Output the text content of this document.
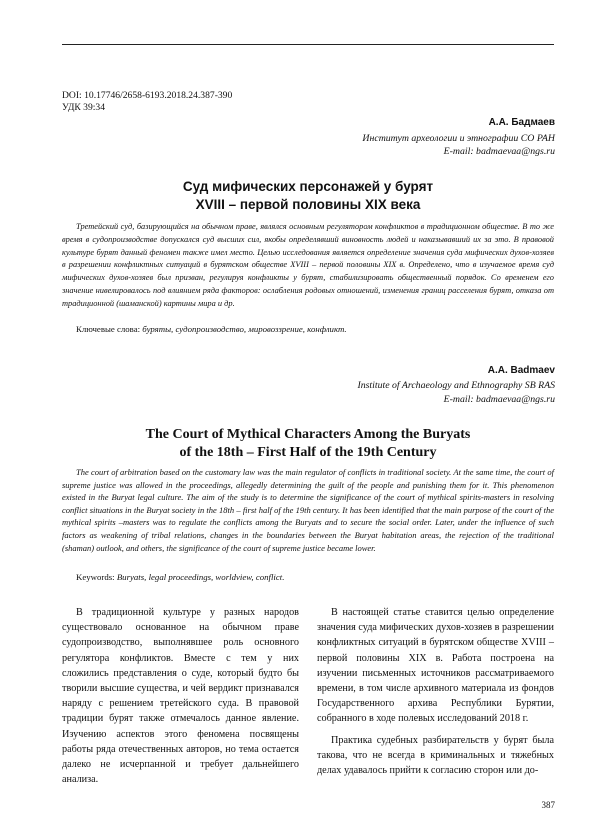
DOI: 10.17746/2658-6193.2018.24.387-390
УДК 39:34
А.А. Бадмаев
Институт археологии и этнографии СО РАН
E-mail: badmaevaa@ngs.ru
Суд мифических персонажей у бурят
XVIII – первой половины XIX века
Третейский суд, базирующийся на обычном праве, являлся основным регулятором конфликтов в традиционном обществе. В то же время в судопроизводстве допускался суд высших сил, якобы определявший виновность людей и наказывавший их за это. В правовой культуре бурят данный феномен также имел место. Целью исследования является определение значения суда мифических духов-хозяев в разрешении конфликтных ситуаций в бурятском обществе XVIII – первой половины XIX в. Определено, что в изучаемое время суд мифических духов-хозяев был призван, регулируя конфликты у бурят, стабилизировать общественный порядок. Со временем его значение нивелировалось под влиянием ряда факторов: ослабления родовых отношений, изменения границ расселения бурят, отказа от традиционной (шаманской) картины мира и др.
Ключевые слова: буряты, судопроизводство, мировоззрение, конфликт.
A.A. Badmaev
Institute of Archaeology and Ethnography SB RAS
E-mail: badmaevaa@ngs.ru
The Court of Mythical Characters Among the Buryats
of the 18th – First Half of the 19th Century
The court of arbitration based on the customary law was the main regulator of conflicts in traditional society. At the same time, the court of supreme justice was allowed in the proceedings, allegedly determining the guilt of the people and punishing them for it. This phenomenon existed in the Buryat legal culture. The aim of the study is to determine the significance of the court of mythical spirits-masters in resolving conflict situations in the Buryat society in the 18th – first half of the 19th century. It has been identified that the main purpose of the court of the mythical spirits –masters was to regulate the conflicts among the Buryats and to secure the social order. Later, under the influence of such factors as weakening of tribal relations, changes in the boundaries between the Buryat habitation areas, the rejection of the traditional (shaman) outlook, and others, the significance of the court of supreme justice became lower.
Keywords: Buryats, legal proceedings, worldview, conflict.

В традиционной культуре у разных народов существовало основанное на обычном праве судопроизводство, выполнявшее роль основного регулятора конфликтов. Вместе с тем у них сложились представления о суде, который будто бы творили высшие существа, и чей вердикт признавался наряду с решением третейского суда. В правовой традиции бурят также отмечалось данное явление. Изучению аспектов этого феномена посвящены работы ряда отечественных авторов, но тема остается далеко не исчерпанной и требует дальнейшего анализа.

В настоящей статье ставится целью определение значения суда мифических духов-хозяев в разрешении конфликтных ситуаций в бурятском обществе XVIII – первой половины XIX в. Работа построена на изучении письменных источников рассматриваемого времени, в том числе архивного материала из фондов Государственного архива Республики Бурятии, собранного в ходе полевых исследований 2018 г.

Практика судебных разбирательств у бурят была такова, что не всегда в криминальных и тяжебных делах удавалось прийти к согласию сторон или до-

387
